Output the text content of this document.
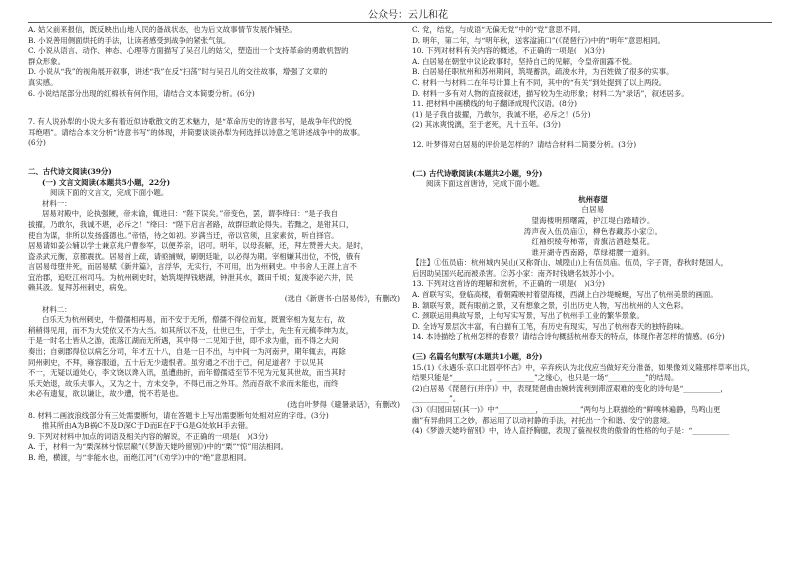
公众号：云儿和花

A. 姑父前来报信，既反映出山地人民的备战状态，也为后文故事情节发展作铺垫。

B. 小说善用侧面烘托的手法，让读者感受到战争的紧张气氛。

C. 小说从语言、动作、神态、心理等方面描写了吴召儿的姑父，塑造出一个支持革命的勇敢机智的

群众形象。

D. 小说从“我”的视角展开叙事，讲述“我”在反“扫荡”时与吴召儿的交往故事，增强了文章的

真实感。

6. 小说结尾部分出现的红棉袄有何作用，请结合文本简要分析。(6分)

7. 有人说孙犁的小说大多有着近似诗歌散文的艺术魅力，是“革命历史的诗意书写，是战争年代的悦

耳绝唱”。请结合本文分析“诗意书写”的体现，并简要谈谈孙犁为何选择以诗意之笔讲述战争中的故事。

(6分)

二、古代诗文阅读(39分)

(一) 文言文阅读(本题共5小题，22分)

阅读下面的文言文，完成下面小题。

材料一：

居易对殿中，论执强鲠，帝未谕，辄进曰：“陛下误矣。”帝变色，罢，谓李绛曰：“是子我自

拔擢，乃敢尔，我诚不堪，必斥之！”绛曰：“陛下启言者路，故群臣敢论得失。若黜之，是钳其口，

使自为谋，非所以发扬盛德也。”帝悟，待之如初。岁满当迁，帝以官须，且家素贫，听自择官。

居易请如姜公辅以学士兼京兆户曹参军，以便养亲，诏可。明年，以母丧解，还，拜左赞善大夫。是时，

盗杀武元衡，京都震扰。居易首上疏，请亟捕贼，刷朝廷耻，以必得为期。宰相嫌其出位，不悦，俄有

言居易母堕井死，而居易赋《新井篇》，言浮华，无实行，不可用，出为州刺史。中书舍人王涯上言不

宜治郡，追贬江州司马。为杭州刺史时，始筑堤捍钱塘湖，钟泄其水，溉田千顷；复浚李泌六井，民

赖其汲。复拜苏州刺史，病免。

(选自《新唐书·白居易传》，有删改)

材料二：

白乐天为杭州刺史，牛僧孺相再易，而不安于无所，僧孺不得位而复，既置宰相为复左右，故

稍稍得见用，而不为大凭依又不为大当。如其所以不及，仕世已生，于学士，先生有元稹李绅为友，

于是一时名士皆从之游，流落江湖而无所遇，其中得一二见知于世，即不求为重，而不得之大间

奏出；自刺郡得位以病乞分司，年才五十八，自是一日不出，与中间一为河南尹，期年辄去，再除

同州刺史，不拜，雍容服道，五十后无少遗恨者。虽穷通之不出于己，何足道者？于以见其

不一，无疑以道处心，李文饶以谗入讯，虽遭曲折，而年僧孺适至节不见为元复其世故，而当其时

乐天始退，故乐夫事入，又为之十，方未交争，不得已而之外耳。然而吾欲不求而未能也，而终

未必有遗复，欲以谦让，故少遭，悦不若是也。

(选自叶梦得《避暑录话》，有删改)

8. 材料二画波浪线部分有三处需要断句，请在答题卡上写出需要断句处相对应的字母。(3分)

推其所由A为B祸C不及D深C于D而E在F于G是G处软H手去错。

9. 下列对材料中加点的词语及相关内容的解说，不正确的一项是(　)(3分)

A. 于，材料一为“栗深林兮惊层巅”(《梦游天姥吟留别》)中的“栗”“惊”用法相同。

B. 绝，横渡，与“非能水也，而绝江河”(《劝学》)中的“绝”意思相同。

C. 党，结党，与成语“无偏无党”中的“党”意思不同。

D. 明年，第二年，与“明年秋，送客湓浦口”(《琵琶行》)中的“明年”意思相同。

10. 下列对材料有关内容的概述，不正确的一项是(　)(3分)

A. 白居易在朝堂中议论政事时，坚持自己的见解，令皇帝面露不悦。

B. 白居易任职杭州和苏州期间，筑堤蓄洪，疏浚水井，为百姓做了很多的实事。

C. 材料一与材料二在年号计算上有不同，其中的“有关”到处提到了以上两段。

D. 材料一多有对人物的直接叙述，描写较为生动形象；材料二为“录话”，叙述居多。

11. 把材料中画横线的句子翻译成现代汉语。(8分)

(1) 是子我自拔擢，乃敢尔，我诚不堪，必斥之！(5分)

(2) 其冰爽悦漓，至于老死，凡十五年。(3分)

12. 叶梦得对白居易的评价是怎样的？请结合材料二简要分析。(3分)

(二) 古代诗歌阅读(本题共2小题，9分)

阅读下面这首唐诗，完成下面小题。

杭州春望

白居易

望海楼明照曙霞，护江堤白踏晴沙。

涛声夜入伍员庙①，柳色春藏苏小家②。

红袖织绫夸柿蒂，青旗沽酒趁梨花。

谁开湖寺西南路，草绿裙腰一道斜。

【注】①伍员庙：杭州城内吴山(又称胥山、城隍山)上有伍员庙。伍员，字子胥，春秋时楚国人，

后因助吴国兴起而被杀害。②苏小家：南齐时钱塘名妓苏小小。

13. 下列对这首诗的理解和赏析，不正确的一项是(　)(3分)

A. 首联写实，登临高楼，看朝霞映衬着望海楼，西湖上白沙堤蜿蜒，写出了杭州美景的画面。

B. 颔联写景，既有眼前之景，又有想象之景，引出历史人物，写出杭州的人文色彩。

C. 颈联运用典故写景，上句写实写景，写出了杭州手工业的繁华景象。

D. 全诗写景层次丰富，有白描有工笔，有历史有现实，写出了杭州春天的独特韵味。

14. 本诗描绘了杭州怎样的春景？请结合诗句概括杭州春天的特点，体现作者怎样的情感。(6分)

(三) 名篇名句默写(本题共1小题，8分)

15.(1)《永遇乐·京口北固亭怀古》中，辛弃疾认为北伐应当做好充分准备，如果像刘义隆那样草率出兵，

结果只能是“__________，__________”之缘心，也只是一场“__________”的结局。

(2)白居易《琵琶行(并序)》中，表现琵琶曲由婉转流利到滞涩艰难的变化的诗句是“__________，

__________”。

(3)《归园田居(其一)》中“__________，__________”两句与上联描绘的“鲜嗅林遍静，鸟鸣山更

幽”有异曲同工之妙，都运用了以动衬静的手法，衬托出一个和谐、安宁的意境。

(4)《梦游天姥吟留别》中，诗人直抒胸臆，表现了藐视权贵的傲骨的性格的句子是：“__________
